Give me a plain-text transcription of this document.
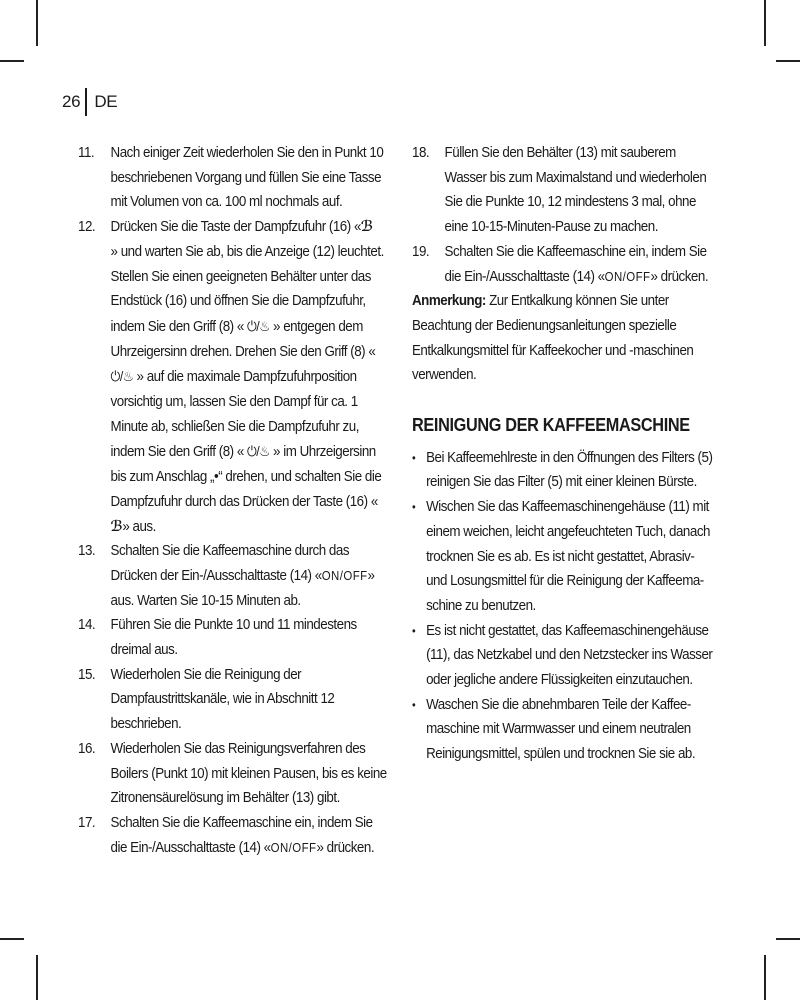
26 DE
11. Nach einiger Zeit wiederholen Sie den in Punkt 10 beschriebenen Vorgang und füllen Sie eine Tasse mit Volumen von ca. 100 ml nochmals auf.
12. Drücken Sie die Taste der Dampfzufuhr (16) «ℬ
» und warten Sie ab, bis die Anzeige (12) leuchtet. Stellen Sie einen geeigneten Behälter unter das Endstück (16) und öffnen Sie die Dampfzufuhr, indem Sie den Griff (8) « ⏻/♨ » entgegen dem Uhrzeigersinn drehen. Drehen Sie den Griff (8) « ⏻/♨ » auf die maximale Dampfzufuhrposition vorsichtig um, lassen Sie den Dampf für ca. 1 Minute ab, schließen Sie die Dampfzufuhr zu, indem Sie den Griff (8) « ⏻/♨ » im Uhrzeigersinn bis zum Anschlag „•“ drehen, und schalten Sie die Dampfzufuhr durch das Drücken der Taste (16) «
ℬ» aus.
13. Schalten Sie die Kaffeemaschine durch das Drücken der Ein-/Ausschalttaste (14) «ON/OFF» aus. Warten Sie 10-15 Minuten ab.
14. Führen Sie die Punkte 10 und 11 mindestens dreimal aus.
15. Wiederholen Sie die Reinigung der Dampfaustrittskanäle, wie in Abschnitt 12 beschrieben.
16. Wiederholen Sie das Reinigungsverfahren des Boilers (Punkt 10) mit kleinen Pausen, bis es keine Zitronensäurelösung im Behälter (13) gibt.
17. Schalten Sie die Kaffeemaschine ein, indem Sie die Ein-/Ausschalttaste (14) «ON/OFF» drücken.
18. Füllen Sie den Behälter (13) mit sauberem Wasser bis zum Maximalstand und wiederholen Sie die Punkte 10, 12 mindestens 3 mal, ohne eine 10-15-Minuten-Pause zu machen.
19. Schalten Sie die Kaffeemaschine ein, indem Sie die Ein-/Ausschalttaste (14) «ON/OFF» drücken.
Anmerkung: Zur Entkalkung können Sie unter Beachtung der Bedienungsanleitungen spezielle Entkalkungsmittel für Kaffeekocher und -maschinen verwenden.
REINIGUNG DER KAFFEEMASCHINE
• Bei Kaffeemehlreste in den Öffnungen des Filters (5) reinigen Sie das Filter (5) mit einer kleinen Bürste.
• Wischen Sie das Kaffeemaschinengehäuse (11) mit einem weichen, leicht angefeuchteten Tuch, danach trocknen Sie es ab. Es ist nicht gestattet, Abrasiv- und Losungsmittel für die Reinigung der Kaffeema-schine zu benutzen.
• Es ist nicht gestattet, das Kaffeemaschinengehäuse (11), das Netzkabel und den Netzstecker ins Wasser oder jegliche andere Flüssigkeiten einzutauchen.
• Waschen Sie die abnehmbaren Teile der Kaffee-maschine mit Warmwasser und einem neutralen Reinigungsmittel, spülen und trocknen Sie sie ab.
